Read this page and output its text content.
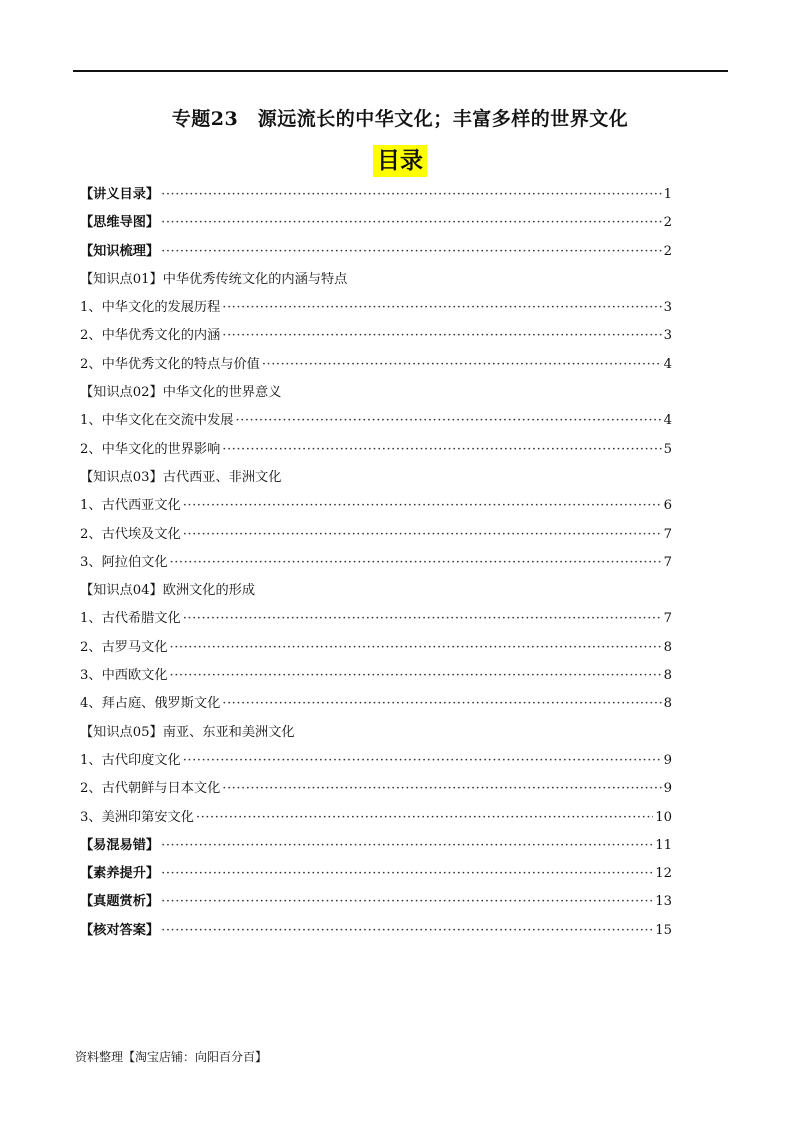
专题23　源远流长的中华文化；丰富多样的世界文化
目录
【讲义目录】 ·····	1
【思维导图】 ·····	2
【知识梳理】 ·····	2
【知识点01】中华优秀传统文化的内涵与特点
1、中华文化的发展历程 ·····	3
2、中华优秀文化的内涵 ·····	3
2、中华优秀文化的特点与价值 ·····	4
【知识点02】中华文化的世界意义
1、中华文化在交流中发展 ·····	4
2、中华文化的世界影响 ·····	5
【知识点03】古代西亚、非洲文化
1、古代西亚文化 ·····	6
2、古代埃及文化 ·····	7
3、阿拉伯文化 ·····	7
【知识点04】欧洲文化的形成
1、古代希腊文化 ·····	7
2、古罗马文化 ·····	8
3、中西欧文化 ·····	8
4、拜占庭、俄罗斯文化 ·····	8
【知识点05】南亚、东亚和美洲文化
1、古代印度文化 ·····	9
2、古代朝鲜与日本文化 ·····	9
3、美洲印第安文化 ·····	10
【易混易错】 ·····	11
【素养提升】 ·····	12
【真题赏析】 ·····	13
【核对答案】 ·····	15
资料整理【淘宝店铺：向阳百分百】
